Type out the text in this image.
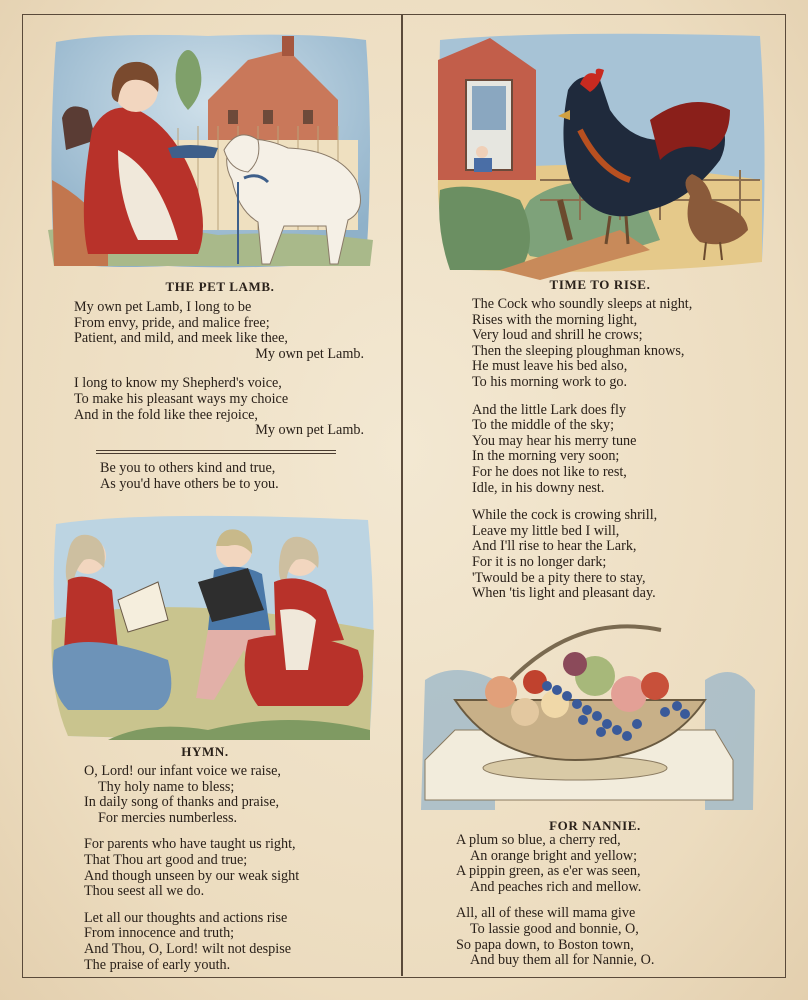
THE PET LAMB.
My own pet Lamb, I long to be
From envy, pride, and malice free;
Patient, and mild, and meek like thee,
My own pet Lamb.
I long to know my Shepherd's voice,
To make his pleasant ways my choice
And in the fold like thee rejoice,
My own pet Lamb.
Be you to others kind and true,
As you'd have others be to you.
TIME TO RISE.
The Cock who soundly sleeps at night,
Rises with the morning light,
Very loud and shrill he crows;
Then the sleeping ploughman knows,
He must leave his bed also,
To his morning work to go.
And the little Lark does fly
To the middle of the sky;
You may hear his merry tune
In the morning very soon;
For he does not like to rest,
Idle, in his downy nest.
While the cock is crowing shrill,
Leave my little bed I will,
And I'll rise to hear the Lark,
For it is no longer dark;
'Twould be a pity there to stay,
When 'tis light and pleasant day.
HYMN.
O, Lord! our infant voice we raise,
Thy holy name to bless;
In daily song of thanks and praise,
For mercies numberless.
For parents who have taught us right,
That Thou art good and true;
And though unseen by our weak sight
Thou seest all we do.
Let all our thoughts and actions rise
From innocence and truth;
And Thou, O, Lord! wilt not despise
The praise of early youth.
FOR NANNIE.
A plum so blue, a cherry red,
An orange bright and yellow;
A pippin green, as e'er was seen,
And peaches rich and mellow.
All, all of these will mama give
To lassie good and bonnie, O,
So papa down, to Boston town,
And buy them all for Nannie, O.
